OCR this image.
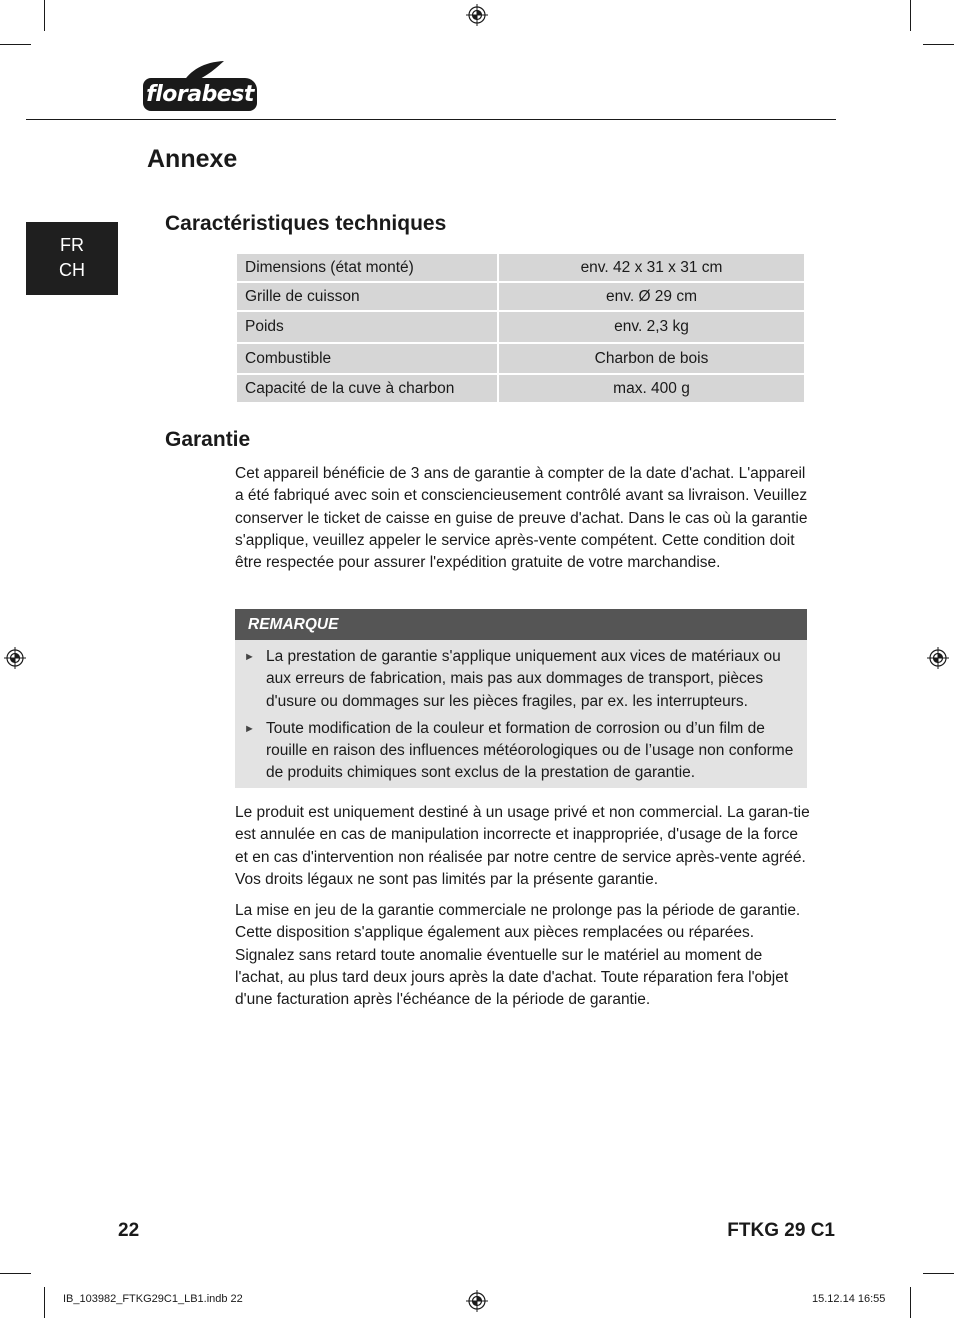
florabest
Annexe
FR
CH
Caractéristiques techniques
Dimensions (état monté)	env. 42 x 31 x 31 cm
Grille de cuisson	env. Ø 29 cm
Poids	env. 2,3 kg
Combustible	Charbon de bois
Capacité de la cuve à charbon	max. 400 g
Garantie

Cet appareil bénéficie de 3 ans de garantie à compter de la date d'achat. L'appareil a été fabriqué avec soin et consciencieusement contrôlé avant sa livraison. Veuillez conserver le ticket de caisse en guise de preuve d'achat. Dans le cas où la garantie s'applique, veuillez appeler le service après-vente compétent. Cette condition doit être respectée pour assurer l'expédition gratuite de votre marchandise.

REMARQUE
► La prestation de garantie s'applique uniquement aux vices de matériaux ou aux erreurs de fabrication, mais pas aux dommages de transport, pièces d'usure ou dommages sur les pièces fragiles, par ex. les interrupteurs.
► Toute modification de la couleur et formation de corrosion ou d’un film de rouille en raison des influences météorologiques ou de l’usage non conforme de produits chimiques sont exclus de la prestation de garantie.

Le produit est uniquement destiné à un usage privé et non commercial. La garan-tie est annulée en cas de manipulation incorrecte et inappropriée, d'usage de la force et en cas d'intervention non réalisée par notre centre de service après-vente agréé. Vos droits légaux ne sont pas limités par la présente garantie.

La mise en jeu de la garantie commerciale ne prolonge pas la période de garantie. Cette disposition s'applique également aux pièces remplacées ou réparées. Signalez sans retard toute anomalie éventuelle sur le matériel au moment de l'achat, au plus tard deux jours après la date d'achat. Toute réparation fera l'objet d'une facturation après l'échéance de la période de garantie.

22	FTKG 29 C1
IB_103982_FTKG29C1_LB1.indb 22	15.12.14 16:55
